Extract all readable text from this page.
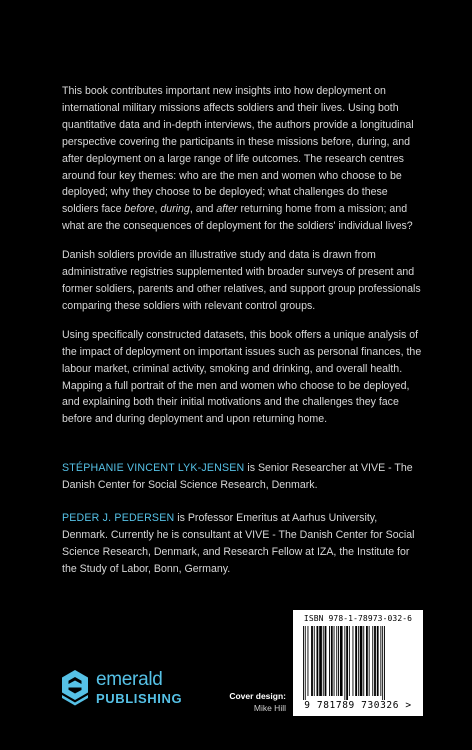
This book contributes important new insights into how deployment on international military missions affects soldiers and their lives. Using both quantitative data and in-depth interviews, the authors provide a longitudinal perspective covering the participants in these missions before, during, and after deployment on a large range of life outcomes. The research centres around four key themes: who are the men and women who choose to be deployed; why they choose to be deployed; what challenges do these soldiers face before, during, and after returning home from a mission; and what are the consequences of deployment for the soldiers' individual lives?

Danish soldiers provide an illustrative study and data is drawn from administrative registries supplemented with broader surveys of present and former soldiers, parents and other relatives, and support group professionals comparing these soldiers with relevant control groups.

Using specifically constructed datasets, this book offers a unique analysis of the impact of deployment on important issues such as personal finances, the labour market, criminal activity, smoking and drinking, and overall health. Mapping a full portrait of the men and women who choose to be deployed, and explaining both their initial motivations and the challenges they face before and during deployment and upon returning home.

STÉPHANIE VINCENT LYK-JENSEN is Senior Researcher at VIVE - The Danish Center for Social Science Research, Denmark.

PEDER J. PEDERSEN is Professor Emeritus at Aarhus University, Denmark. Currently he is consultant at VIVE - The Danish Center for Social Science Research, Denmark, and Research Fellow at IZA, the Institute for the Study of Labor, Bonn, Germany.

emerald
PUBLISHING	Cover design:
Mike Hill
ISBN 978-1-78973-032-6
9 781789 730326 >
